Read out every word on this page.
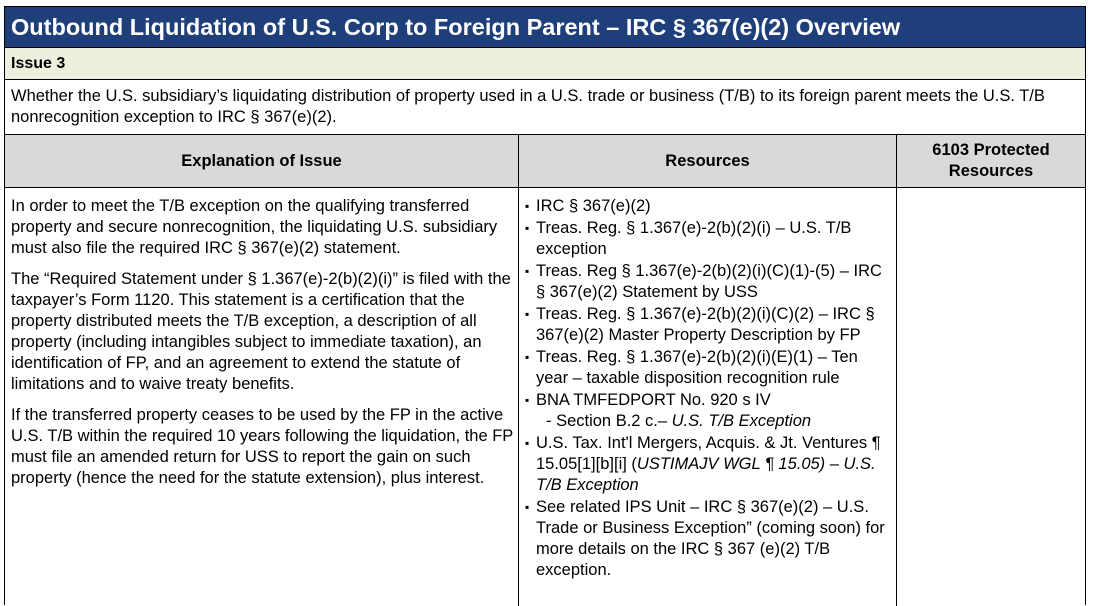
Outbound Liquidation of U.S. Corp to Foreign Parent – IRC § 367(e)(2) Overview
Issue 3
Whether the U.S. subsidiary’s liquidating distribution of property used in a U.S. trade or business (T/B) to its foreign parent meets the U.S. T/B nonrecognition exception to IRC § 367(e)(2).
Explanation of Issue	Resources
6103 Protected Resources

In order to meet the T/B exception on the qualifying transferred property and secure nonrecognition, the liquidating U.S. subsidiary must also file the required IRC § 367(e)(2) statement.

The “Required Statement under § 1.367(e)-2(b)(2)(i)” is filed with the taxpayer’s Form 1120. This statement is a certification that the property distributed meets the T/B exception, a description of all property (including intangibles subject to immediate taxation), an identification of FP, and an agreement to extend the statute of limitations and to waive treaty benefits.

If the transferred property ceases to be used by the FP in the active U.S. T/B within the required 10 years following the liquidation, the FP must file an amended return for USS to report the gain on such property (hence the need for the statute extension), plus interest.

▪ IRC § 367(e)(2)
▪ Treas. Reg. § 1.367(e)-2(b)(2)(i) – U.S. T/B exception
▪ Treas. Reg § 1.367(e)-2(b)(2)(i)(C)(1)-(5) – IRC § 367(e)(2) Statement by USS
▪ Treas. Reg. § 1.367(e)-2(b)(2)(i)(C)(2) – IRC § 367(e)(2) Master Property Description by FP
▪ Treas. Reg. § 1.367(e)-2(b)(2)(i)(E)(1) – Ten year – taxable disposition recognition rule
▪ BNA TMFEDPORT No. 920 s IV
- Section B.2 c.– U.S. T/B Exception
▪ U.S. Tax. Int'l Mergers, Acquis. & Jt. Ventures ¶ 15.05[1][b][i] (USTIMAJV WGL ¶ 15.05) – U.S. T/B Exception
▪ See related IPS Unit – IRC § 367(e)(2) – U.S. Trade or Business Exception” (coming soon) for more details on the IRC § 367 (e)(2) T/B exception.
